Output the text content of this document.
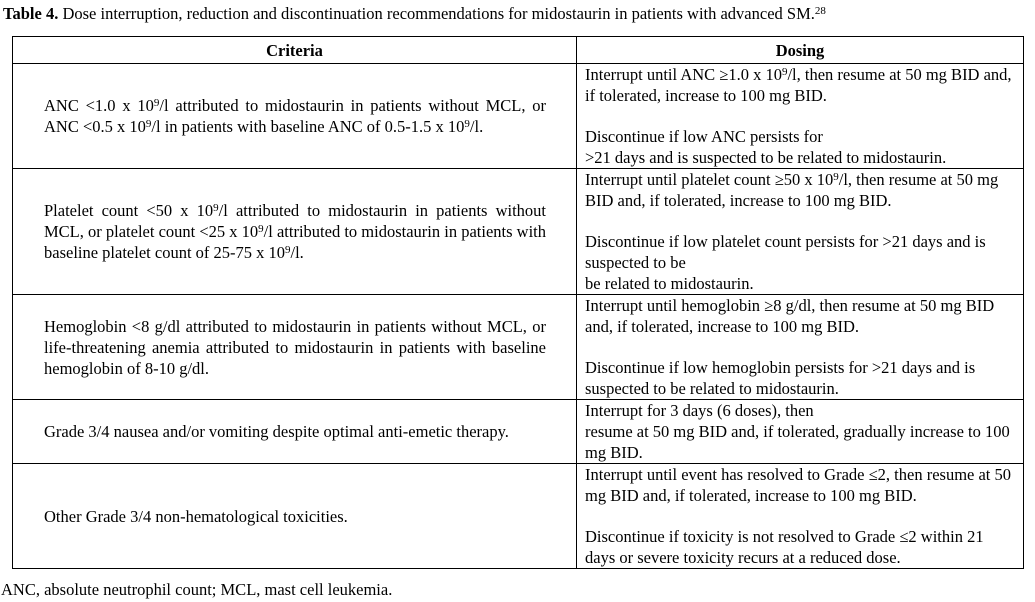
Table 4. Dose interruption, reduction and discontinuation recommendations for midostaurin in patients with advanced SM.$^{28}$
Criteria	Dosing
ANC <1.0 x $10^9/l$ attributed to midostaurin in patients without MCL, or ANC <0.5 x $10^9/l$ in patients with baseline ANC of 0.5-1.5 x $10^9/l$.	Interrupt until ANC ≥1.0 x $10^9/l$, then resume at 50 mg BID and, if tolerated, increase to 100 mg BID.

Discontinue if low ANC persists for
>21 days and is suspected to be related to midostaurin.

Platelet count <50 x $10^9/l$ attributed to midostaurin in patients without MCL, or platelet count <25 x $10^9/l$ attributed to midostaurin in patients with baseline platelet count of 25-75 x $10^9/l$.	Interrupt until platelet count ≥50 x $10^9/l$, then resume at 50 mg BID and, if tolerated, increase to 100 mg BID.

Discontinue if low platelet count persists for >21 days and is suspected to be
be related to midostaurin.

Hemoglobin <8 g/dl attributed to midostaurin in patients without MCL, or life-threatening anemia attributed to midostaurin in patients with baseline hemoglobin of 8-10 g/dl.	Interrupt until hemoglobin ≥8 g/dl, then resume at 50 mg BID and, if tolerated, increase to 100 mg BID.

Discontinue if low hemoglobin persists for >21 days and is suspected to be related to midostaurin.

Grade 3/4 nausea and/or vomiting despite optimal anti-emetic therapy.	Interrupt for 3 days (6 doses), then
resume at 50 mg BID and, if tolerated, gradually increase to 100 mg BID.

Other Grade 3/4 non-hematological toxicities.	Interrupt until event has resolved to Grade ≤2, then resume at 50 mg BID and, if tolerated, increase to 100 mg BID.

Discontinue if toxicity is not resolved to Grade ≤2 within 21 days or severe toxicity recurs at a reduced dose.

ANC, absolute neutrophil count; MCL, mast cell leukemia.
